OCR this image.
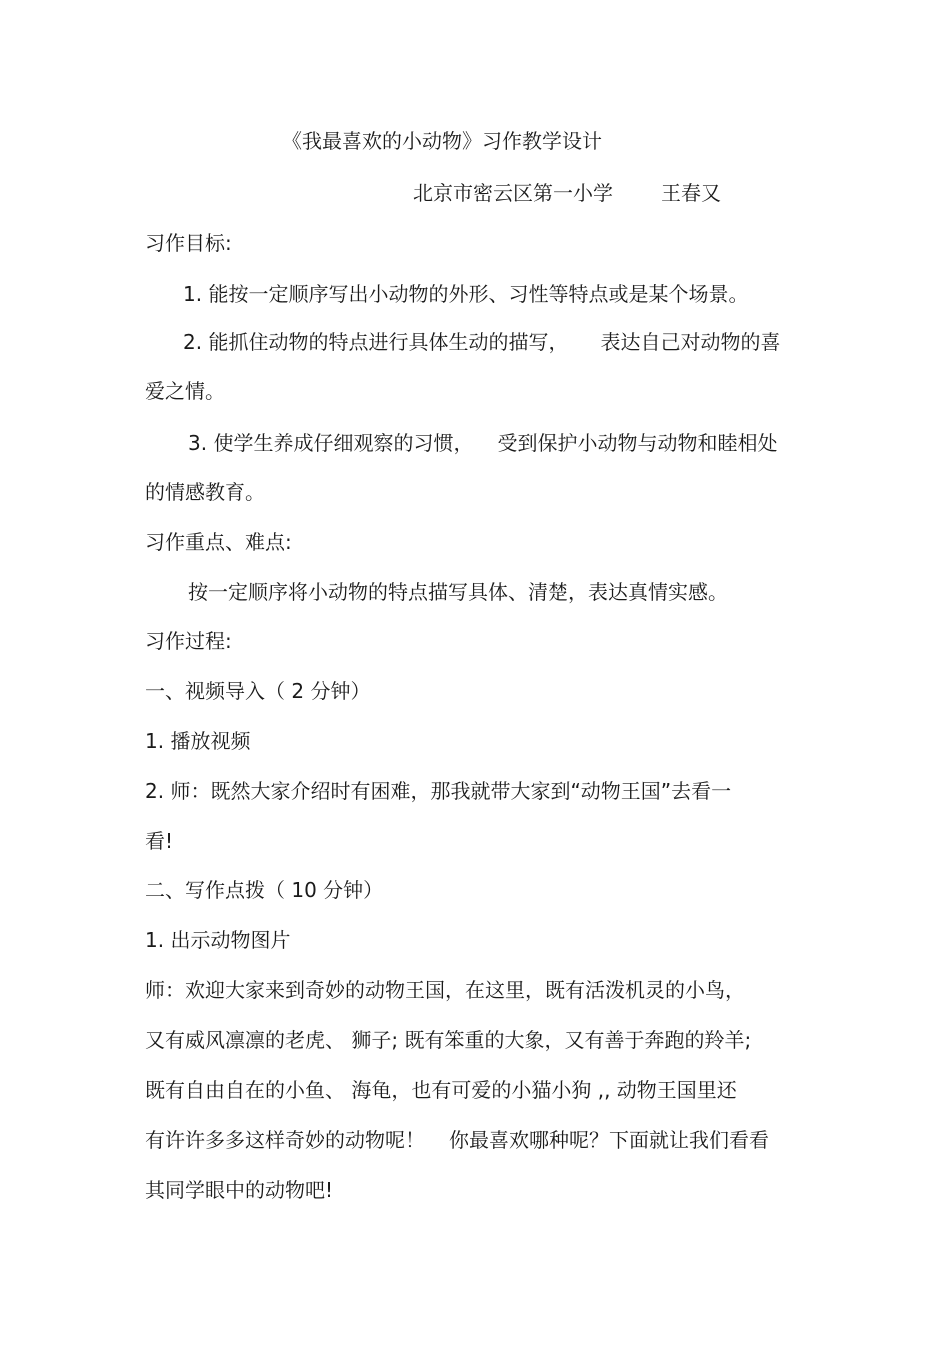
《我最喜欢的小动物》习作教学设计

北京市密云区第一小学 王春又

习作目标:

1. 能按一定顺序写出小动物的外形、习性等特点或是某个场景。

2. 能抓住动物的特点进行具体生动的描写， 表达自己对动物的喜

爱之情。

3. 使学生养成仔细观察的习惯， 受到保护小动物与动物和睦相处

的情感教育。

习作重点、难点:

按一定顺序将小动物的特点描写具体、清楚，表达真情实感。

习作过程:

一、视频导入（ 2 分钟）

1. 播放视频

2. 师：既然大家介绍时有困难，那我就带大家到“动物王国”去看一

看!

二、写作点拨（ 10 分钟）

1. 出示动物图片

师：欢迎大家来到奇妙的动物王国，在这里，既有活泼机灵的小鸟，

又有威风凛凛的老虎、 狮子; 既有笨重的大象，又有善于奔跑的羚羊;

既有自由自在的小鱼、 海龟，也有可爱的小猫小狗 ,, 动物王国里还

有许许多多这样奇妙的动物呢！ 你最喜欢哪种呢？下面就让我们看看

其同学眼中的动物吧!
